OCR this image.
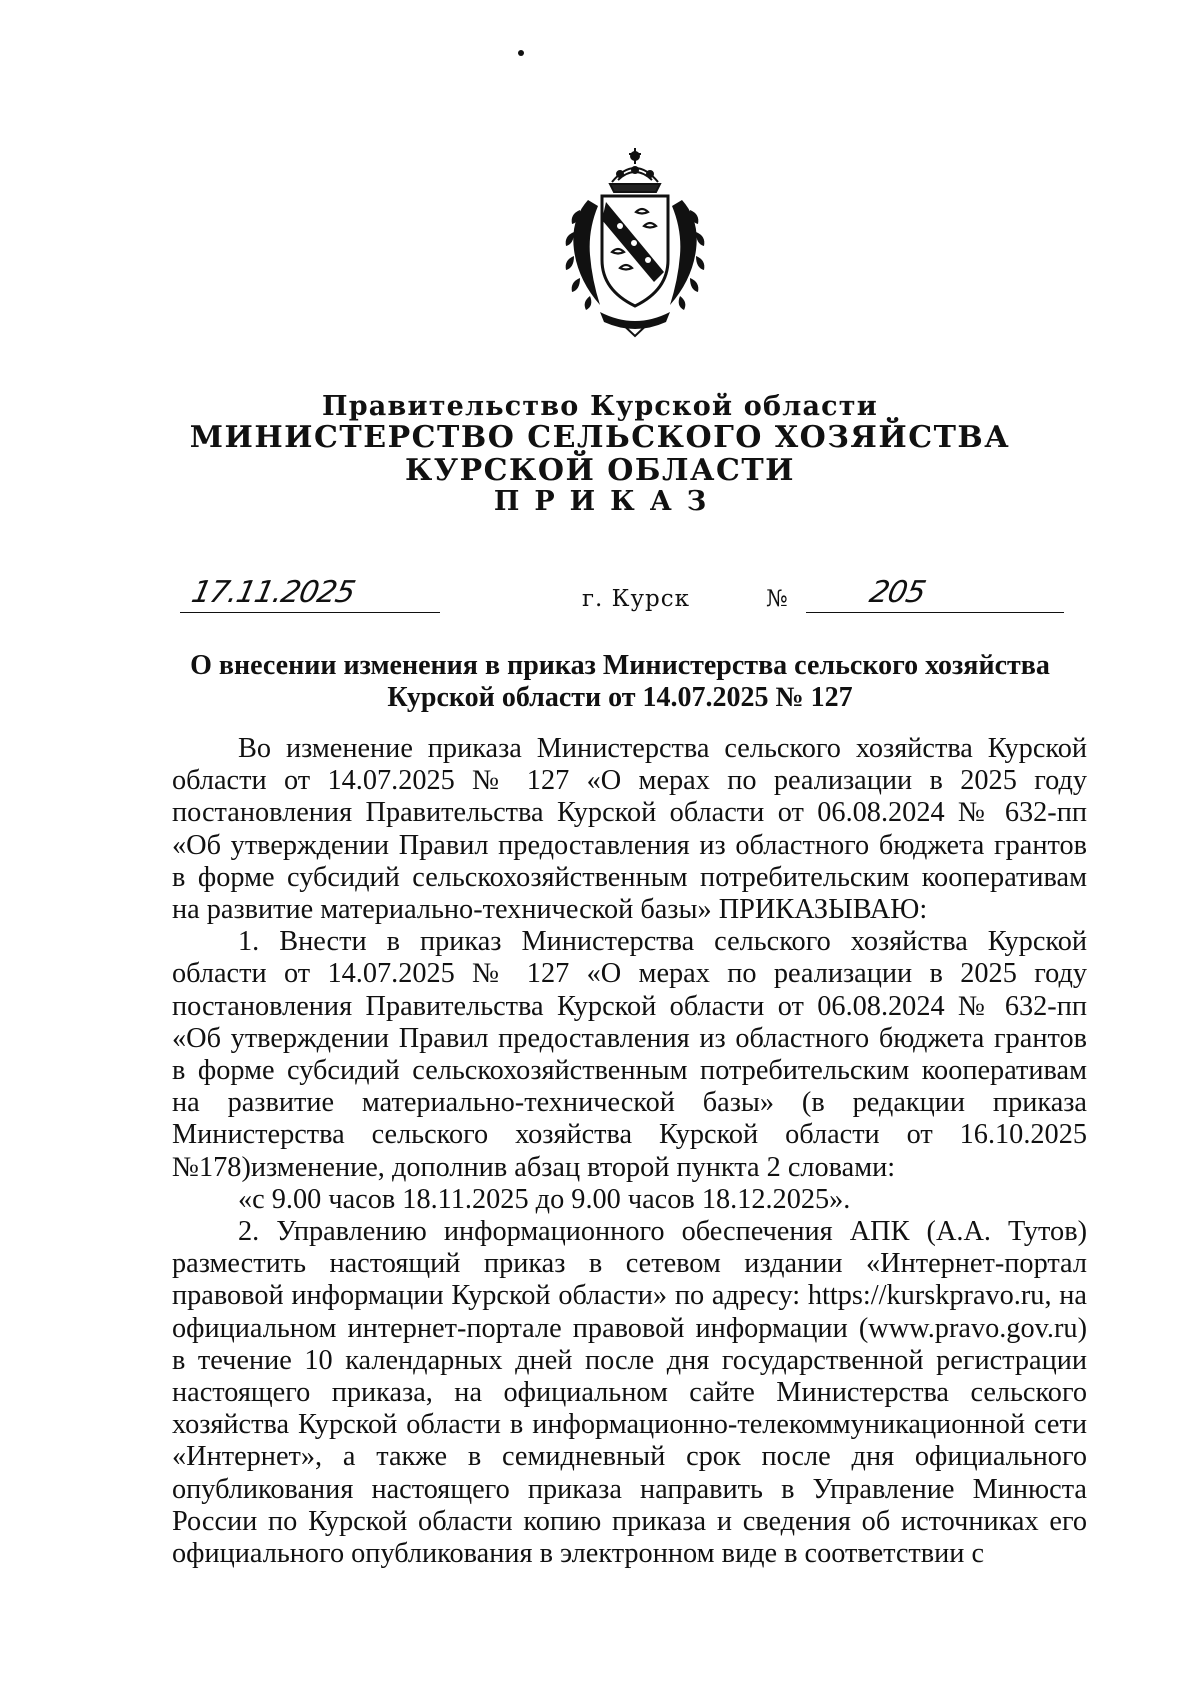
Правительство Курской области
МИНИСТЕРСТВО СЕЛЬСКОГО ХОЗЯЙСТВА
КУРСКОЙ ОБЛАСТИ
ПРИКАЗ
17.11.2025	г. Курск	№	205
О внесении изменения в приказ Министерства сельского хозяйства
Курской области от 14.07.2025 № 127

Во изменение приказа Министерства сельского хозяйства Курской области от 14.07.2025 № 127 «О мерах по реализации в 2025 году постановления Правительства Курской области от 06.08.2024 № 632-пп «Об утверждении Правил предоставления из областного бюджета грантов в форме субсидий сельскохозяйственным потребительским кооперативам на развитие материально-технической базы» ПРИКАЗЫВАЮ:

1. Внести в приказ Министерства сельского хозяйства Курской области от 14.07.2025 № 127 «О мерах по реализации в 2025 году постановления Правительства Курской области от 06.08.2024 № 632-пп «Об утверждении Правил предоставления из областного бюджета грантов в форме субсидий сельскохозяйственным потребительским кооперативам на развитие материально-технической базы» (в редакции приказа Министерства сельского хозяйства Курской области от 16.10.2025 №178)изменение, дополнив абзац второй пункта 2 словами:

«с 9.00 часов 18.11.2025 до 9.00 часов 18.12.2025».

2. Управлению информационного обеспечения АПК (А.А. Тутов) разместить настоящий приказ в сетевом издании «Интернет-портал правовой информации Курской области» по адресу: https://kurskpravo.ru, на официальном интернет-портале правовой информации (www.pravo.gov.ru) в течение 10 календарных дней после дня государственной регистрации настоящего приказа, на официальном сайте Министерства сельского хозяйства Курской области в информационно-телекоммуникационной сети «Интернет», а также в семидневный срок после дня официального опубликования настоящего приказа направить в Управление Минюста России по Курской области копию приказа и сведения об источниках его официального опубликования в электронном виде в соответствии с
